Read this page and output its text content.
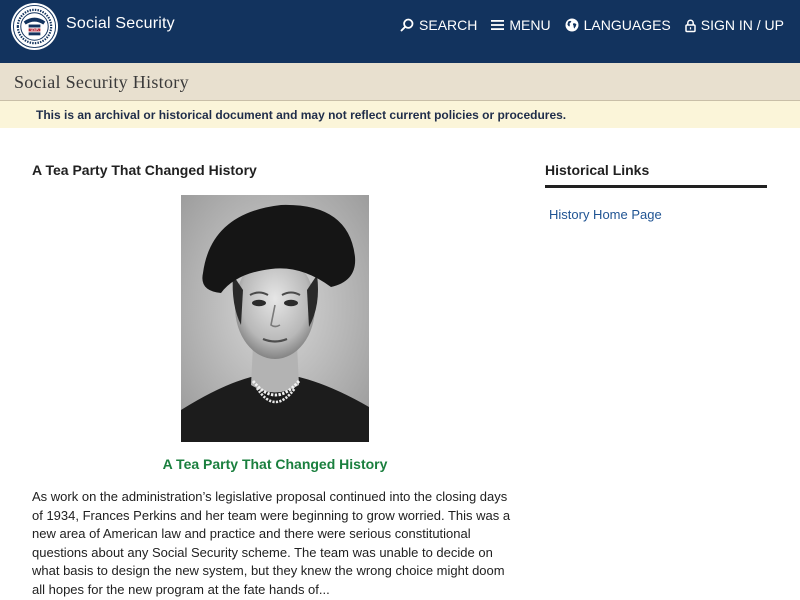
USA Social Security	SEARCH MENU LANGUAGES SIGN IN / UP
Social Security History
This is an archival or historical document and may not reflect current policies or procedures.
A Tea Party That Changed History
A Tea Party That Changed History

As work on the administration’s legislative proposal continued into the closing days of 1934, Frances Perkins and her team were beginning to grow worried. This was a new area of American law and practice and there were serious constitutional questions about any Social Security scheme. The team was unable to decide on what basis to design the new system, but they knew the wrong choice might doom all hopes for the new program at the fate hands of...

Historical Links
History Home Page
